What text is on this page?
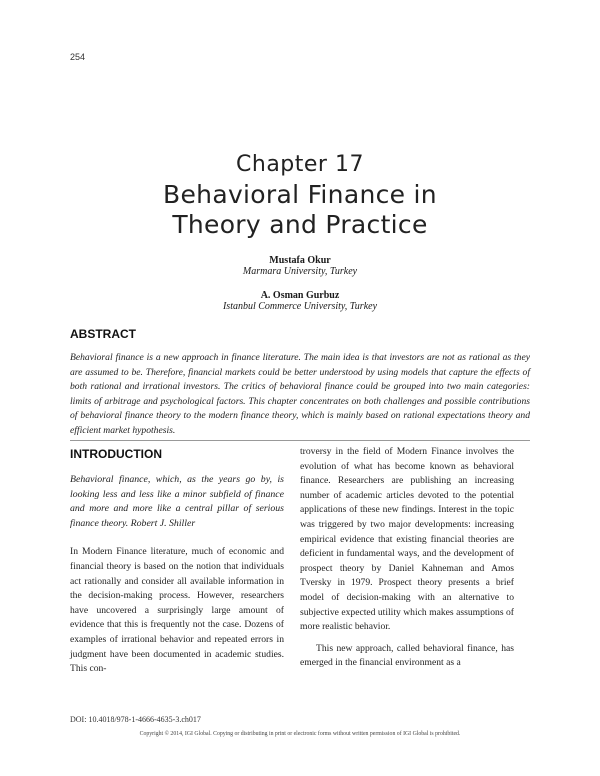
254
Chapter 17
Behavioral Finance in
Theory and Practice
Mustafa Okur
Marmara University, Turkey
A. Osman Gurbuz
Istanbul Commerce University, Turkey
ABSTRACT
Behavioral finance is a new approach in finance literature. The main idea is that investors are not as rational as they are assumed to be. Therefore, financial markets could be better understood by using models that capture the effects of both rational and irrational investors. The critics of behavioral finance could be grouped into two main categories: limits of arbitrage and psychological factors. This chapter concentrates on both challenges and possible contributions of behavioral finance theory to the modern finance theory, which is mainly based on rational expectations theory and efficient market hypothesis.
INTRODUCTION

Behavioral finance, which, as the years go by, is looking less and less like a minor subfield of finance and more and more like a central pillar of serious finance theory. Robert J. Shiller

In Modern Finance literature, much of economic and financial theory is based on the notion that individuals act rationally and consider all available information in the decision-making process. However, researchers have uncovered a surprisingly large amount of evidence that this is frequently not the case. Dozens of examples of irrational behavior and repeated errors in judgment have been documented in academic studies. This con-

troversy in the field of Modern Finance involves the evolution of what has become known as behavioral finance. Researchers are publishing an increasing number of academic articles devoted to the potential applications of these new findings. Interest in the topic was triggered by two major developments: increasing empirical evidence that existing financial theories are deficient in fundamental ways, and the development of prospect theory by Daniel Kahneman and Amos Tversky in 1979. Prospect theory presents a brief model of decision-making with an alternative to subjective expected utility which makes assumptions of more realistic behavior.

This new approach, called behavioral finance, has emerged in the financial environment as a

DOI: 10.4018/978-1-4666-4635-3.ch017
Copyright © 2014, IGI Global. Copying or distributing in print or electronic forms without written permission of IGI Global is prohibited.
